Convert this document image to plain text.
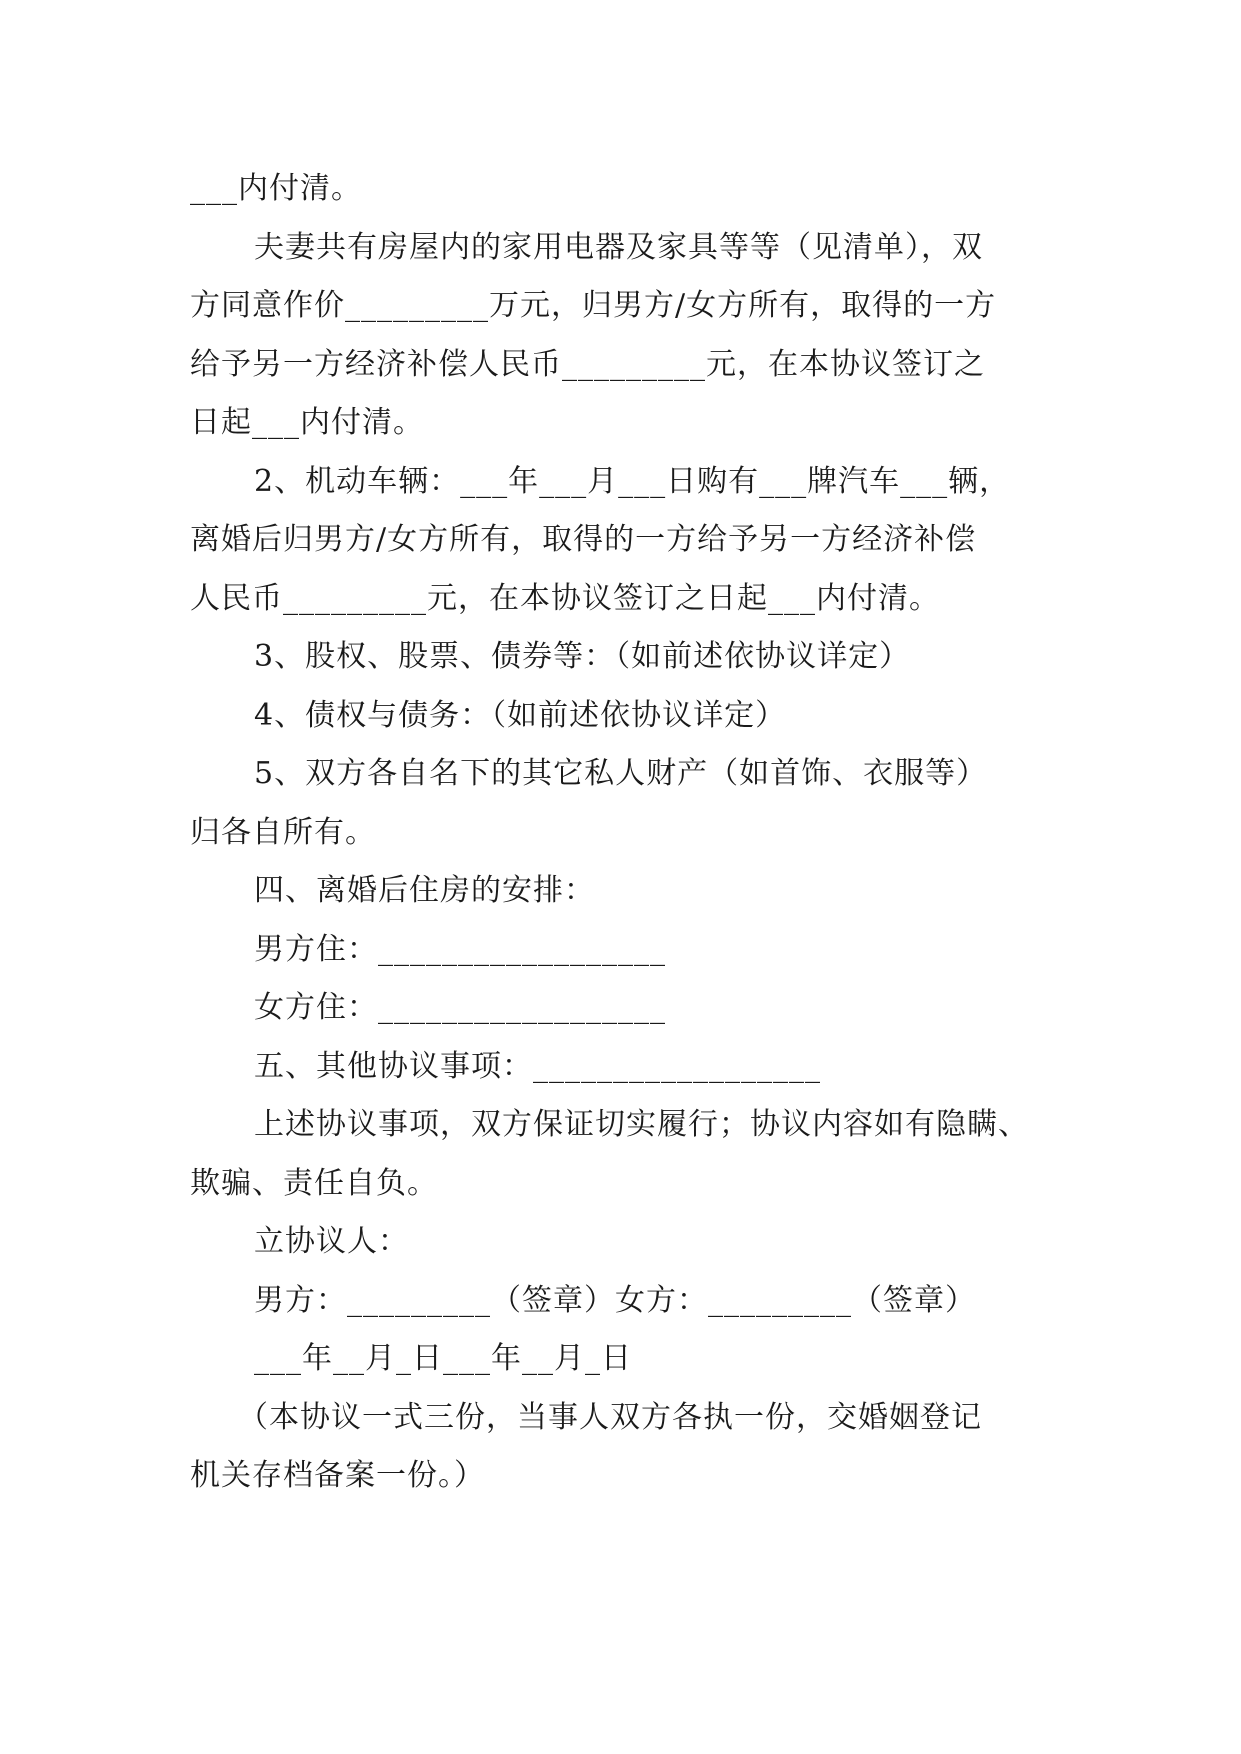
___内付清。
夫妻共有房屋内的家用电器及家具等等（见清单），双
方同意作价_________万元，归男方/女方所有，取得的一方
给予另一方经济补偿人民币_________元，在本协议签订之
日起___内付清。
2、机动车辆：___年___月___日购有___牌汽车___辆，
离婚后归男方/女方所有，取得的一方给予另一方经济补偿
人民币_________元，在本协议签订之日起___内付清。
3、股权、股票、债券等：（如前述依协议详定）
4、债权与债务：（如前述依协议详定）
5、双方各自名下的其它私人财产（如首饰、衣服等）
归各自所有。
四、离婚后住房的安排：
男方住：__________________
女方住：__________________
五、其他协议事项：__________________
上述协议事项，双方保证切实履行；协议内容如有隐瞒、
欺骗、责任自负。
立协议人：
男方：_________（签章）女方：_________（签章）
___年__月_日___年__月_日
（本协议一式三份，当事人双方各执一份，交婚姻登记
机关存档备案一份。）
